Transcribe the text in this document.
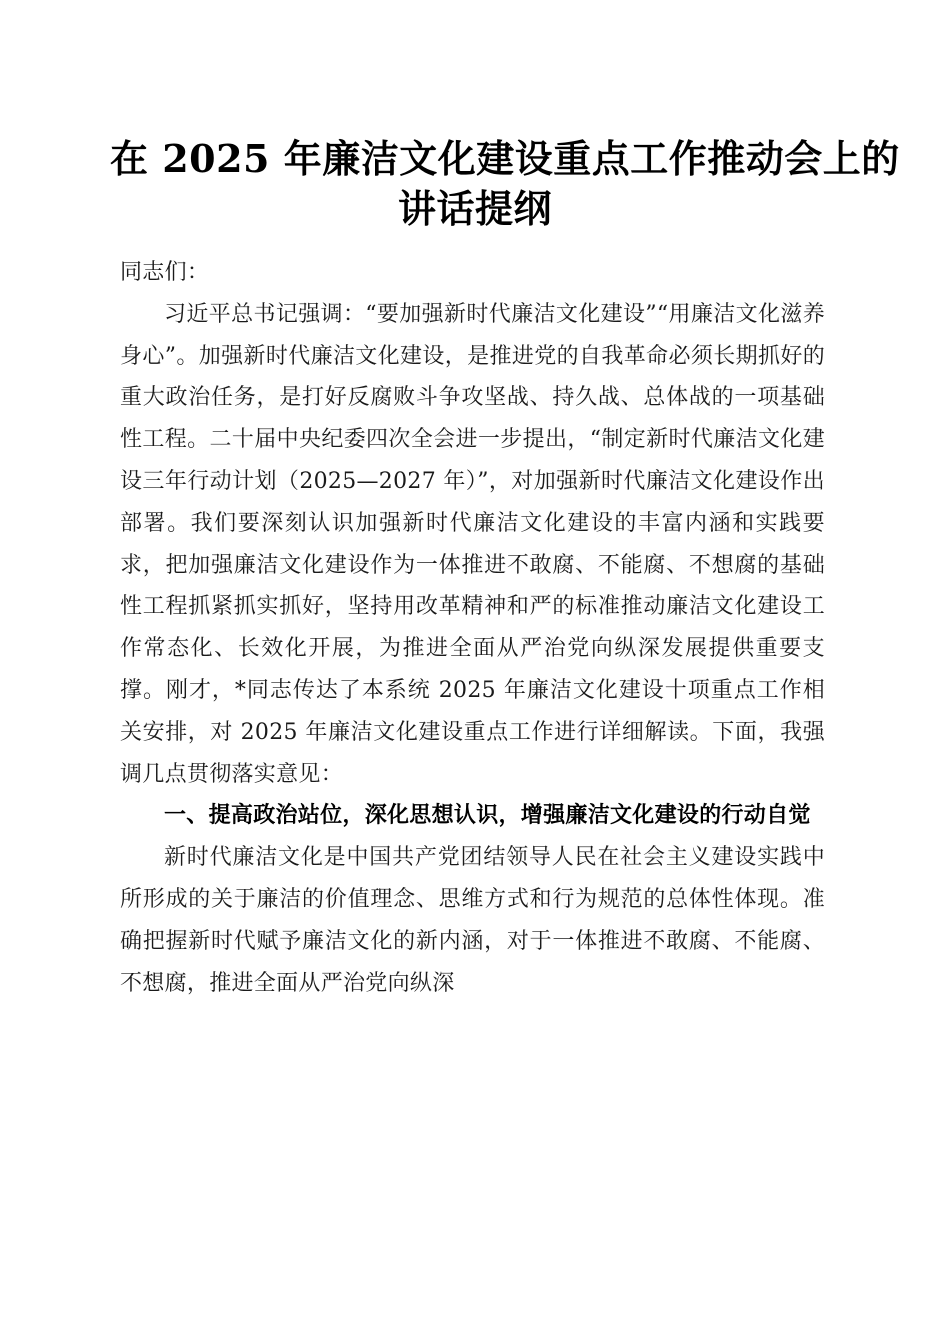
在 2025 年廉洁文化建设重点工作推动会上的
讲话提纲

同志们：

习近平总书记强调：“要加强新时代廉洁文化建设”“用廉洁文化滋养身心”。加强新时代廉洁文化建设，是推进党的自我革命必须长期抓好的重大政治任务，是打好反腐败斗争攻坚战、持久战、总体战的一项基础性工程。二十届中央纪委四次全会进一步提出，“制定新时代廉洁文化建设三年行动计划（2025—2027 年）”，对加强新时代廉洁文化建设作出部署。我们要深刻认识加强新时代廉洁文化建设的丰富内涵和实践要求，把加强廉洁文化建设作为一体推进不敢腐、不能腐、不想腐的基础性工程抓紧抓实抓好，坚持用改革精神和严的标准推动廉洁文化建设工作常态化、长效化开展，为推进全面从严治党向纵深发展提供重要支撑。刚才，*同志传达了本系统 2025 年廉洁文化建设十项重点工作相关安排，对 2025 年廉洁文化建设重点工作进行详细解读。下面，我强调几点贯彻落实意见：

一、提高政治站位，深化思想认识，增强廉洁文化建设的行动自觉

新时代廉洁文化是中国共产党团结领导人民在社会主义建设实践中所形成的关于廉洁的价值理念、思维方式和行为规范的总体性体现。准确把握新时代赋予廉洁文化的新内涵，对于一体推进不敢腐、不能腐、不想腐，推进全面从严治党向纵深
